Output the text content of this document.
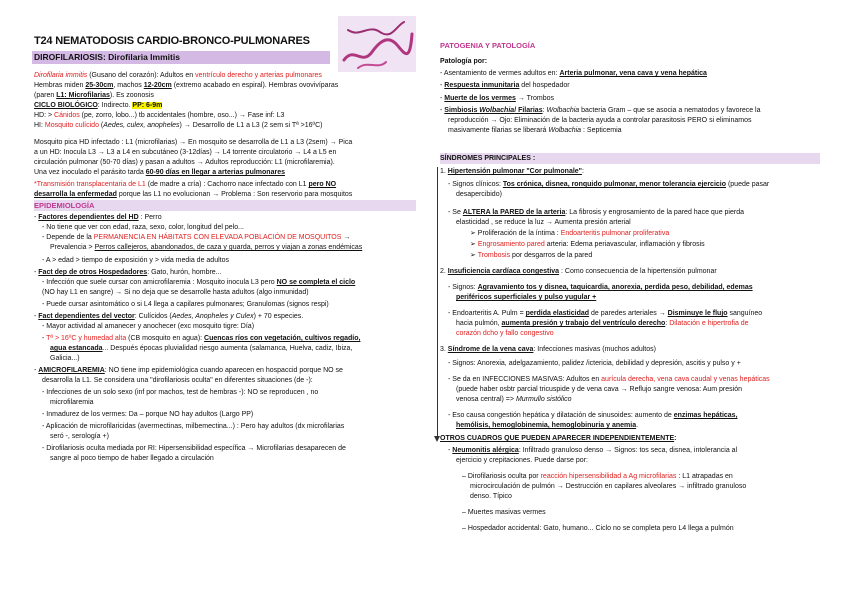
T24 NEMATODOSIS CARDIO-BRONCO-PULMONARES
DIROFILARIOSIS: Dirofilaria Immitis
Dirofilaria immitis (Gusano del corazón): Adultos en ventrículo derecho y arterias pulmonares
Hembras miden 25-30cm, machos 12-20cm (extremo acabado en espiral). Hembras ovovivíparas
(paren L1: Microfilarias). Es zoonosis
CICLO BIOLÓGICO: Indirecto. PP: 6-9m
HD: > Cánidos (pe, zorro, lobo...) tb accidentales (hombre, oso...) → Fase inf: L3
HI: Mosquito culícido (Aedes, culex, anopheles) → Desarrollo de L1 a L3 (2 sem si Tª >16ºC)
Mosquito pica HD infectado : L1 (microfilarias) → En mosquito se desarrolla de L1 a L3 (2sem) → Pica
a un HD: Inocula L3 → L3 a L4 en subcutáneo (3-12días) → L4 torrente circulatorio → L4 a L5 en
circulación pulmonar (50-70 días) y pasan a adultos → Adultos reproducción: L1 (microfilaremia).
Una vez inoculado el parásito tarda 60-90 días en llegar a arterias pulmonares
*Transmisión transplacentaria de L1 (de madre a cría) : Cachorro nace infectado con L1 pero NO
desarrolla la enfermedad porque las L1 no evolucionan → Problema : Son reservorio para mosquitos
- Factores dependientes del HD : Perro
- No tiene que ver con edad, raza, sexo, color, longitud del pelo...
- Depende de la PERMANENCIA EN HÁBITATS CON ELEVADA POBLACIÓN DE MOSQUITOS →
Prevalencia > Perros callejeros, abandonados, de caza y guarda, perros y viajan a zonas endémicas
- A > edad > tiempo de exposición y > vida media de adultos
- Fact dep de otros Hospedadores: Gato, hurón, hombre...
- Infección que suele cursar con amicrofilaremia : Mosquito inocula L3 pero NO se completa el ciclo
(NO hay L1 en sangre) → Si no deja que se desarrolle hasta adultos (algo inmunidad)
- Puede cursar asintomático o si L4 llega a capilares pulmonares; Granulomas (signos respi)
- Fact dependientes del vector: Culícidos (Aedes, Anopheles y Culex) + 70 especies.
- Mayor actividad al amanecer y anochecer (exc mosquito tigre: Día)
- Tª > 16ºC y humedad alta (CB mosquito en agua): Cuencas ríos con vegetación, cultivos regadío,
agua estancada... Después épocas pluvialidad riesgo aumenta (salamanca, Huelva, cadiz, Ibiza,
Galicia...)
- AMICROFILAREMIA: NO tiene imp epidemiológica cuando aparecen en hospaccid porque NO se
desarrolla la L1. Se considera una "dirofilariosis oculta" en diferentes situaciones (de -):
- Infecciones de un solo sexo (inf por machos, test de hembras -): NO se reproducen , no
microfilaremia
- Inmadurez de los vermes: Da – porque NO hay adultos (Largo PP)
- Aplicación de microfilaricidas (avermectinas, milbemectina...) : Pero hay adultos (dx microfilarias
seró -, serología +)
- Dirofilariosis oculta mediada por RI: Hipersensibilidad específica → Microfilarias desaparecen de
sangre al poco tiempo de haber llegado a circulación
EPIDEMIOLOGÍA
Patología por:
- Asentamiento de vermes adultos en: Arteria pulmonar, vena cava y vena hepática
- Respuesta inmunitaria del hospedador
- Muerte de los vermes → Trombos
- Simbiosis Wolbachia/ Filarias: Wolbachia bacteria Gram – que se asocia a nematodos y favorece la
reproducción → Ojo: Eliminación de la bacteria ayuda a controlar parasitosis PERO si eliminamos
masivamente filarias se liberará Wolbachia : Septicemia
1. Hipertensión pulmonar "Cor pulmonale":
- Signos clínicos: Tos crónica, disnea, ronquido pulmonar, menor tolerancia ejercicio (puede pasar
desapercibido)
- Se ALTERA la PARED de la arteria: La fibrosis y engrosamiento de la pared hace que pierda
elasticidad , se reduce la luz → Aumenta presión arterial
➢ Proliferación de la íntima : Endoarteritis pulmonar proliferativa
➢ Engrosamiento pared arteria: Edema periavascular, inflamación y fibrosis
➢ Trombosis por desgarros de la pared
2. Insuficiencia cardíaca congestiva : Como consecuencia de la hipertensión pulmonar
- Signos: Agravamiento tos y disnea, taquicardia, anorexia, perdida peso, debilidad, edemas
periféricos superficiales y pulso yugular +
- Endoarteritis A. Pulm = perdida elasticidad de paredes arteriales → Disminuye le flujo sanguíneo
hacia pulmón, aumenta presión y trabajo del ventrículo derecho: Dilatación e hipertrofia de
corazón dcho y fallo congestivo
3. Síndrome de la vena cava: Infecciones masivas (muchos adultos)
- Signos: Anorexia, adelgazamiento, palidez /ictericia, debilidad y depresión, ascitis y pulso y +
- Se da en INFECCIONES MASIVAS: Adultos en aurícula derecha, vena cava caudal y venas hepáticas
(puede haber osbtr parcial tricuspide y de vena cava → Reflujo sangre venosa: Aum presión
venosa central) => Murmullo sistólico
- Eso causa congestión hepática y dilatación de sinusoides: aumento de enzimas hepáticas,
hemólisis, hemoglobinemia, hemoglobinuria y anemia.
OTROS CUADROS QUE PUEDEN APARECER INDEPENDIENTEMENTE:
- Neumonitis alérgica: Infiltrado granuloso denso → Signos: tos seca, disnea, intolerancia al
ejercicio y crepitaciones. Puede darse por:
– Dirofilariosis oculta por reacción hipersensibilidad a Ag microfilarias : L1 atrapadas en
microcirculación de pulmón → Destrucción en capilares alveolares → infiltrado granuloso
denso. Típico
– Muertes masivas vermes
– Hospedador accidental: Gato, humano... Ciclo no se completa pero L4 llega a pulmón
PATOGENIA Y PATOLOGÍA
SÍNDROMES PRINCIPALES :
